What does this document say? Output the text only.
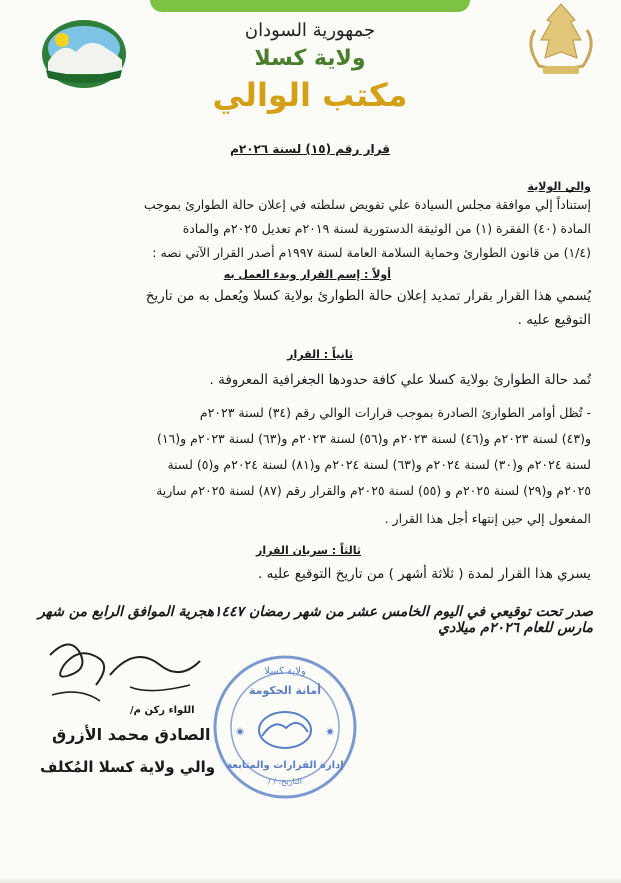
جمهورية السودان
ولاية كسلا
مكتب الوالي
قرار رقم (١٥) لسنة ٢٠٢٦م
والي الولاية
إستناداً إلي موافقة مجلس السيادة علي تفويض سلطته في إعلان حالة الطوارئ بموجب
المادة (٤٠) الفقرة (١) من الوثيقة الدستورية لسنة ٢٠١٩م تعديل ٢٠٢٥م والمادة
(١/٤) من قانون الطوارئ وحماية السلامة العامة لسنة ١٩٩٧م أصدر القرار الآتي نصه :
أولاً : إسم القرار وبدء العمل به
يُسمي هذا القرار بقرار تمديد إعلان حالة الطوارئ بولاية كسلا ويُعمل به من تاريخ
التوقيع عليه .
ثانياً : القرار
تُمد حالة الطوارئ بولاية كسلا علي كافة حدودها الجغرافية المعروفة .
- تُظل أوامر الطوارئ الصادرة بموجب قرارات الوالي رقم (٣٤) لسنة ٢٠٢٣م
و(٤٣) لسنة ٢٠٢٣م و(٤٦) لسنة ٢٠٢٣م و(٥٦) لسنة ٢٠٢٣م و(٦٣) لسنة ٢٠٢٣م و(١٦)
لسنة ٢٠٢٤م و(٣٠) لسنة ٢٠٢٤م و(٦٣) لسنة ٢٠٢٤م و(٨١) لسنة ٢٠٢٤م و(٥) لسنة
٢٠٢٥م و(٢٩) لسنة ٢٠٢٥م و (٥٥) لسنة ٢٠٢٥م والقرار رقم (٨٧) لسنة ٢٠٢٥م سارية
المفعول إلي حين إنتهاء أجل هذا القرار .
ثالثاً : سريان القرار
يسري هذا القرار لمدة ( ثلاثة أشهر ) من تاريخ التوقيع عليه .
صدر تحت توقيعي في اليوم الخامس عشر من شهر رمضان ١٤٤٧هجرية الموافق الرابع من شهر مارس للعام ٢٠٢٦م ميلادي
اللواء ركن م/
الصادق محمد الأزرق
والي ولاية كسلا المُكلف
ولاية كسلا
أمانة الحكومة
✷	✷
إدارة القرارات والمتابعة
التاريخ: / /
